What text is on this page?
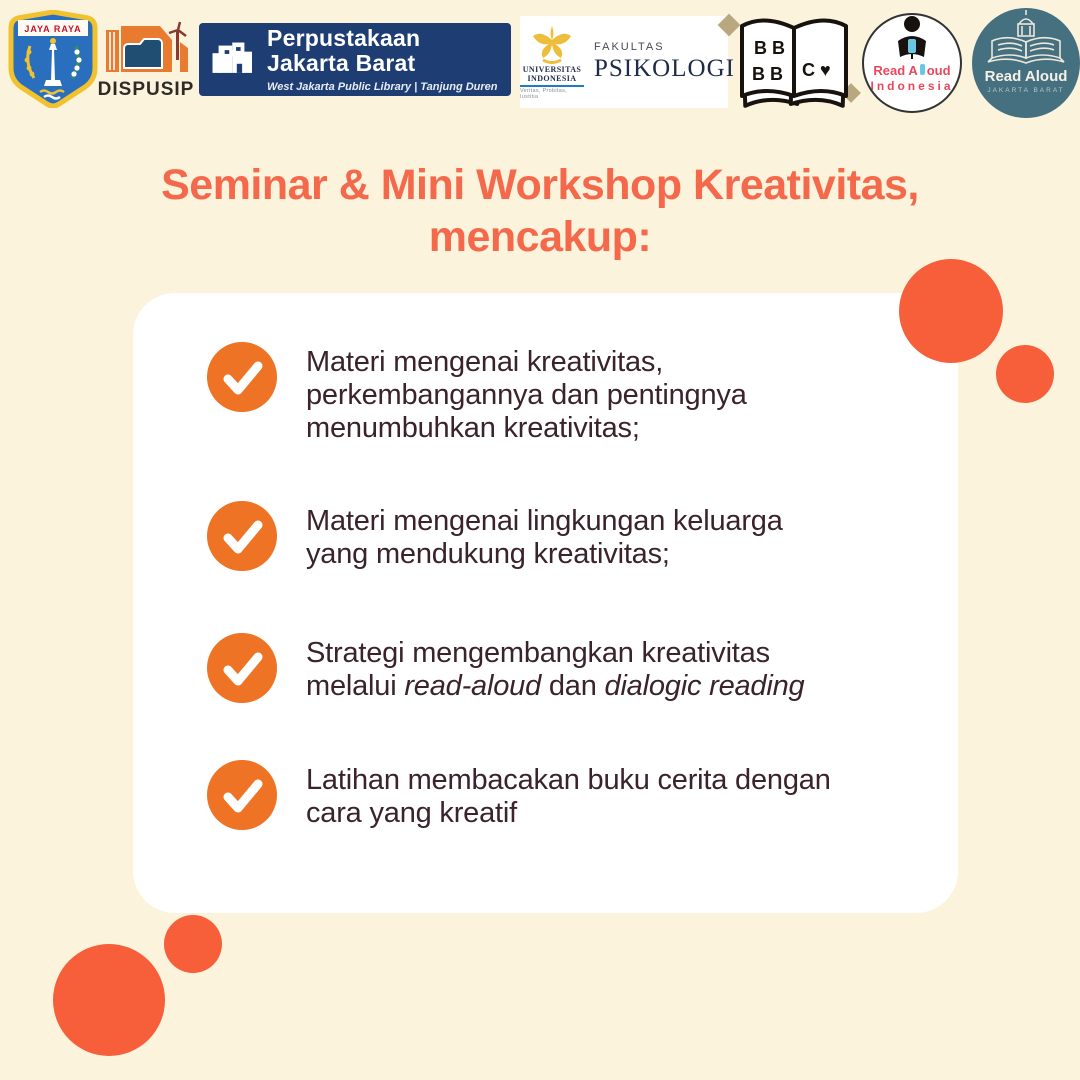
JAYA RAYA
DISPUSIP
Perpustakaan Jakarta Barat
West Jakarta Public Library | Tanjung Duren
UNIVERSITAS
INDONESIA
Veritas, Probitas, Iustitia
FAKULTAS
PSIKOLOGI
B B
B B C ♥	Read A oud
Indonesia
Read Aloud
JAKARTA BARAT
Seminar & Mini Workshop Kreativitas,
mencakup:
Materi mengenai kreativitas,
perkembangannya dan pentingnya
menumbuhkan kreativitas;
Materi mengenai lingkungan keluarga
yang mendukung kreativitas;
Strategi mengembangkan kreativitas
melalui read-aloud dan dialogic reading
Latihan membacakan buku cerita dengan
cara yang kreatif
